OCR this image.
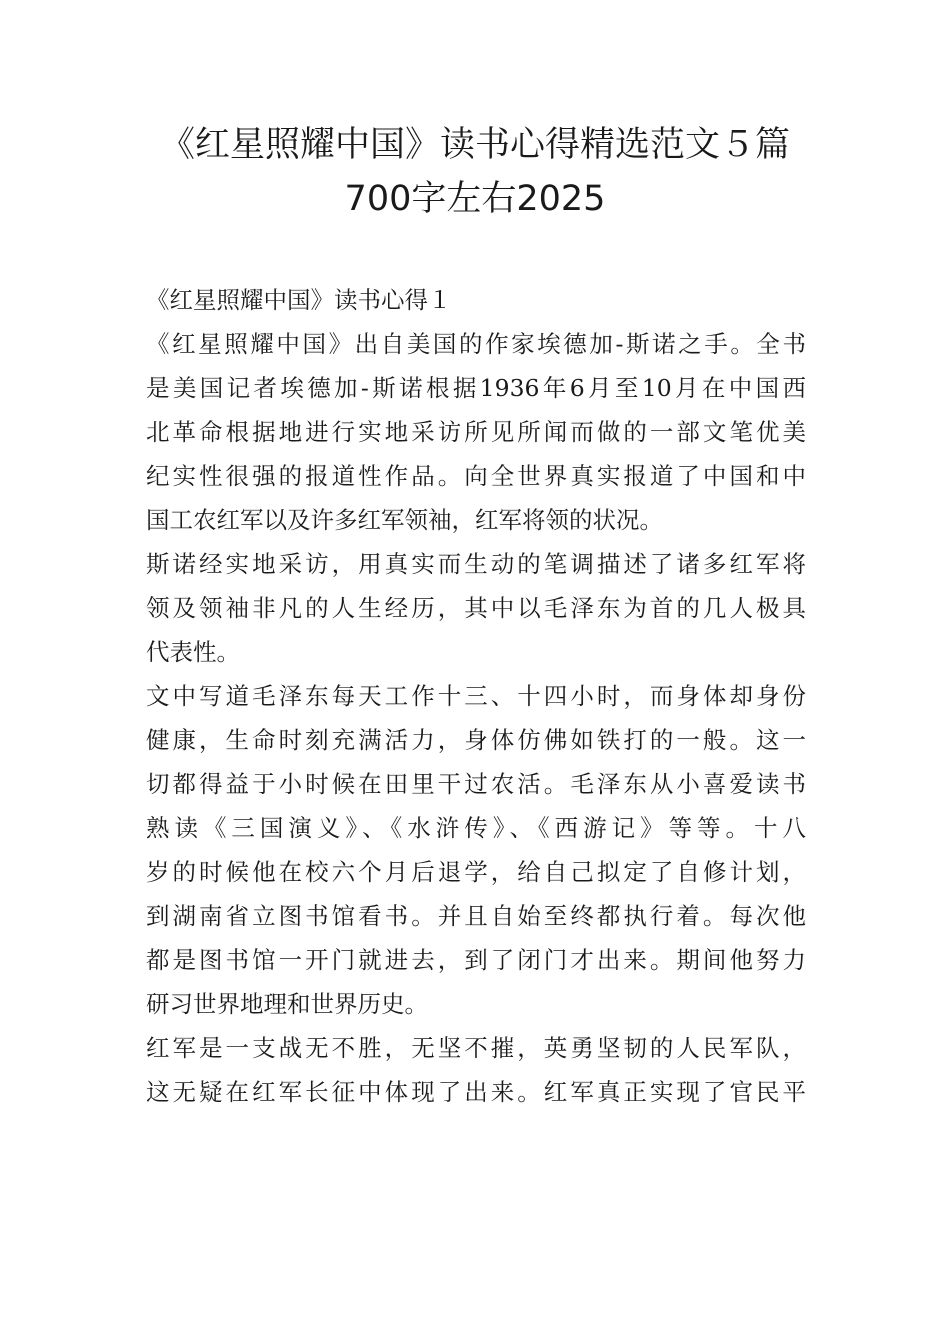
《红星照耀中国》读书心得精选范文５篇
700字左右2025
《红星照耀中国》读书心得１
《红星照耀中国》出自美国的作家埃德加-斯诺之手。全书
是美国记者埃德加-斯诺根据1936年6月至10月在中国西
北革命根据地进行实地采访所见所闻而做的一部文笔优美
纪实性很强的报道性作品。向全世界真实报道了中国和中
国工农红军以及许多红军领袖，红军将领的状况。
斯诺经实地采访，用真实而生动的笔调描述了诸多红军将
领及领袖非凡的人生经历，其中以毛泽东为首的几人极具
代表性。
文中写道毛泽东每天工作十三、十四小时，而身体却身份
健康，生命时刻充满活力，身体仿佛如铁打的一般。这一
切都得益于小时候在田里干过农活。毛泽东从小喜爱读书
熟读《三国演义》、《水浒传》、《西游记》等等。十八
岁的时候他在校六个月后退学，给自己拟定了自修计划，
到湖南省立图书馆看书。并且自始至终都执行着。每次他
都是图书馆一开门就进去，到了闭门才出来。期间他努力
研习世界地理和世界历史。
红军是一支战无不胜，无坚不摧，英勇坚韧的人民军队，
这无疑在红军长征中体现了出来。红军真正实现了官民平
